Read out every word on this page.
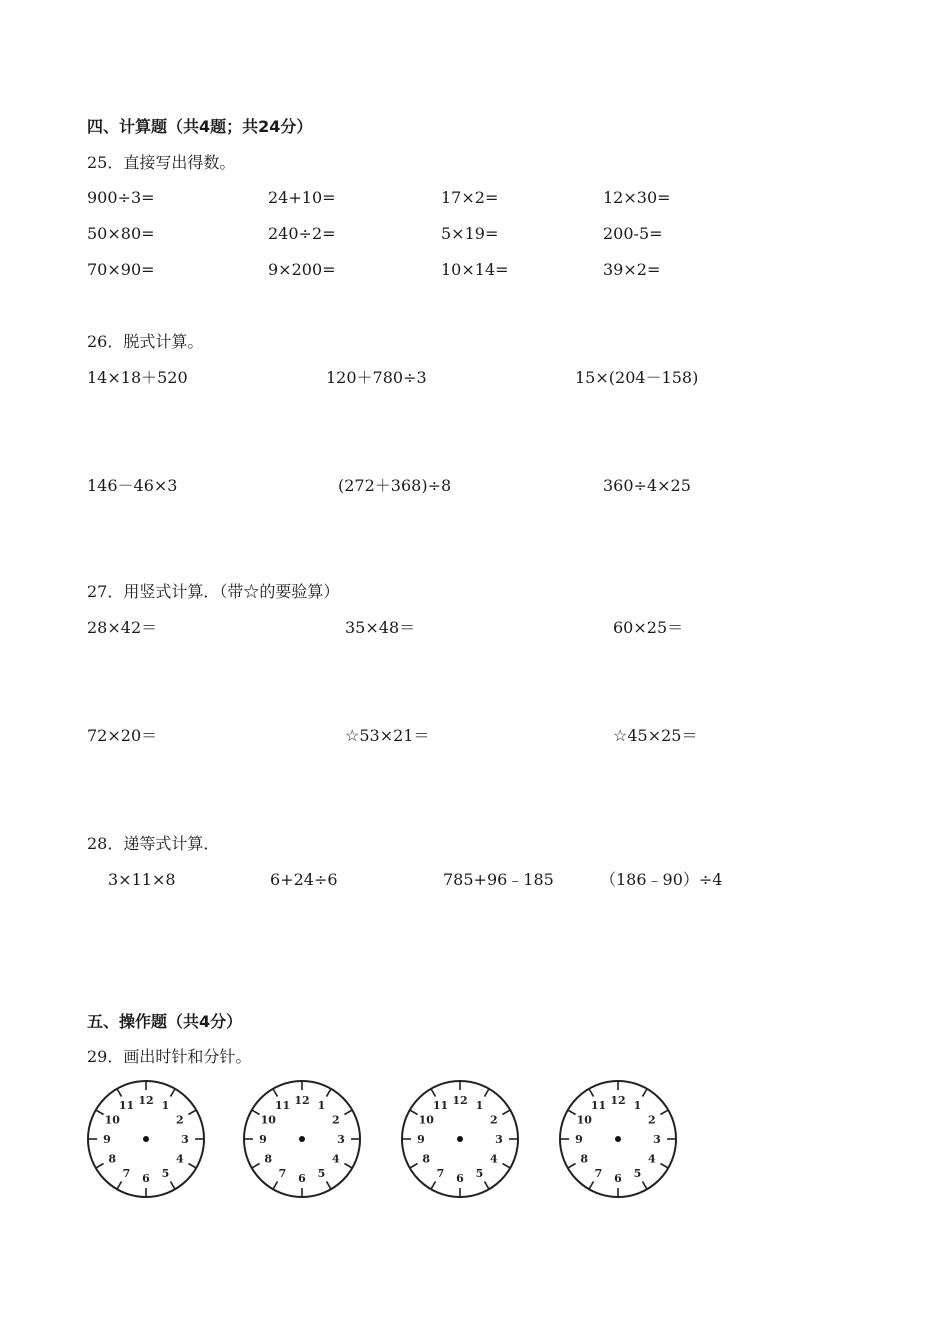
四、计算题（共4题；共24分）
25．直接写出得数。
900÷3=	24+10=	17×2=	12×30=
50×80=	240÷2=	5×19=	200-5=
70×90=	9×200=	10×14=	39×2=
26．脱式计算。
14×18＋520	120＋780÷3	15×(204－158)
146－46×3	(272＋368)÷8	360÷4×25
27．用竖式计算．（带☆的要验算）
28×42＝	35×48＝	60×25＝
72×20＝	☆53×21＝	☆45×25＝
28．递等式计算．
3×11×8	6+24÷6	785+96﹣185	（186﹣90）÷4
五、操作题（共4分）
29．画出时针和分针。
12 1
2
3
4
5
6
7
8
9
10
11	12 1
2
3
4
5
6
7
8
9
10
11	12 1
2
3
4
5
6
7
8
9
10
11	12 1
2
3
4
5
6
7
8
9
10
11
